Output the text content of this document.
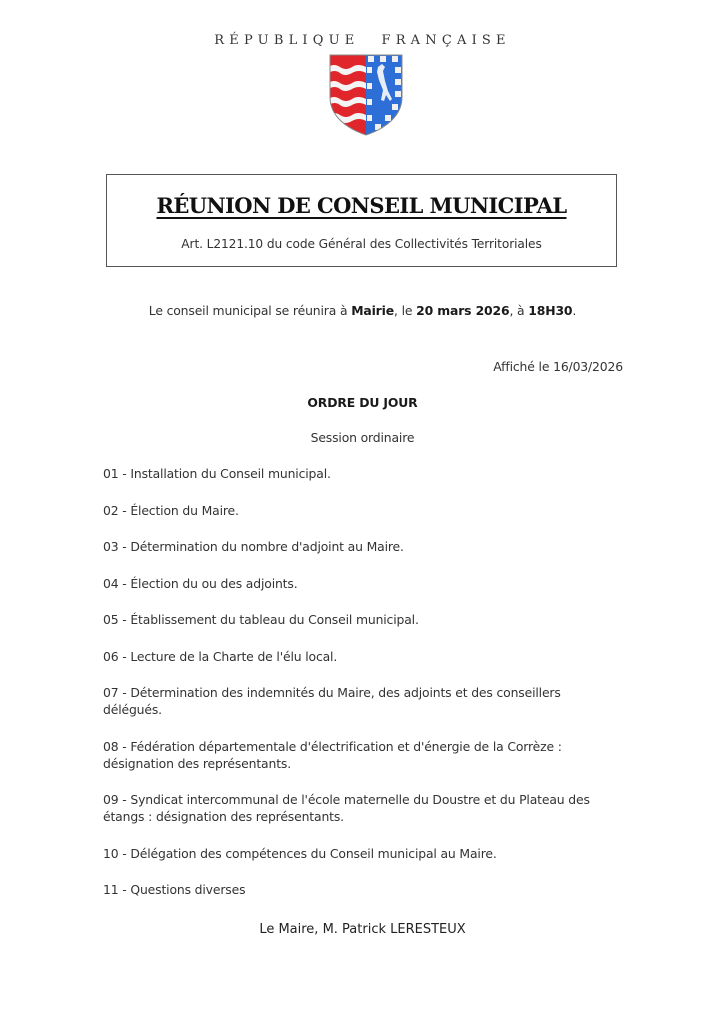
RÉPUBLIQUE FRANÇAISE
RÉUNION DE CONSEIL MUNICIPAL
Art. L2121.10 du code Général des Collectivités Territoriales
Le conseil municipal se réunira à Mairie, le 20 mars 2026, à 18H30.
Affiché le 16/03/2026
ORDRE DU JOUR
Session ordinaire
01 - Installation du Conseil municipal.
02 - Élection du Maire.
03 - Détermination du nombre d'adjoint au Maire.
04 - Élection du ou des adjoints.
05 - Établissement du tableau du Conseil municipal.
06 - Lecture de la Charte de l'élu local.
07 - Détermination des indemnités du Maire, des adjoints et des conseillers délégués.
08 - Fédération départementale d'électrification et d'énergie de la Corrèze : désignation des représentants.
09 - Syndicat intercommunal de l'école maternelle du Doustre et du Plateau des étangs : désignation des représentants.
10 - Délégation des compétences du Conseil municipal au Maire.
11 - Questions diverses
Le Maire, M. Patrick LERESTEUX
